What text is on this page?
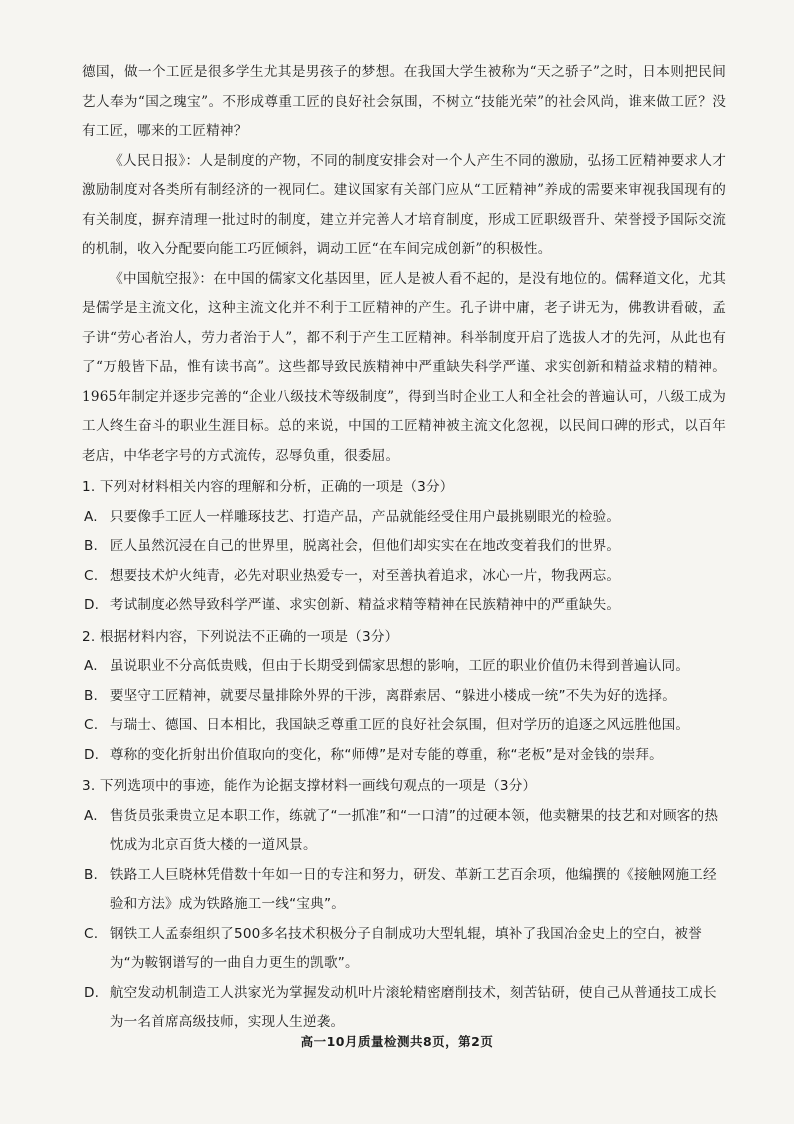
德国，做一个工匠是很多学生尤其是男孩子的梦想。在我国大学生被称为“天之骄子”之时，日本则把民间艺人奉为“国之瑰宝”。不形成尊重工匠的良好社会氛围，不树立“技能光荣”的社会风尚，谁来做工匠？没有工匠，哪来的工匠精神？

《人民日报》：人是制度的产物，不同的制度安排会对一个人产生不同的激励，弘扬工匠精神要求人才激励制度对各类所有制经济的一视同仁。建议国家有关部门应从“工匠精神”养成的需要来审视我国现有的有关制度，摒弃清理一批过时的制度，建立并完善人才培育制度，形成工匠职级晋升、荣誉授予国际交流的机制，收入分配要向能工巧匠倾斜，调动工匠“在车间完成创新”的积极性。

《中国航空报》：在中国的儒家文化基因里，匠人是被人看不起的，是没有地位的。儒释道文化，尤其是儒学是主流文化，这种主流文化并不利于工匠精神的产生。孔子讲中庸，老子讲无为，佛教讲看破，孟子讲“劳心者治人，劳力者治于人”，都不利于产生工匠精神。科举制度开启了选拔人才的先河，从此也有了“万般皆下品，惟有读书高”。这些都导致民族精神中严重缺失科学严谨、求实创新和精益求精的精神。1965年制定并逐步完善的“企业八级技术等级制度”，得到当时企业工人和全社会的普遍认可，八级工成为工人终生奋斗的职业生涯目标。总的来说，中国的工匠精神被主流文化忽视，以民间口碑的形式，以百年老店，中华老字号的方式流传，忍辱负重，很委屈。

1. 下列对材料相关内容的理解和分析，正确的一项是（3分）

A. 只要像手工匠人一样雕琢技艺、打造产品，产品就能经受住用户最挑剔眼光的检验。

B. 匠人虽然沉浸在自己的世界里，脱离社会，但他们却实实在在地改变着我们的世界。

C. 想要技术炉火纯青，必先对职业热爱专一，对至善执着追求，冰心一片，物我两忘。

D. 考试制度必然导致科学严谨、求实创新、精益求精等精神在民族精神中的严重缺失。

2. 根据材料内容，下列说法不正确的一项是（3分）

A. 虽说职业不分高低贵贱，但由于长期受到儒家思想的影响，工匠的职业价值仍未得到普遍认同。

B. 要坚守工匠精神，就要尽量排除外界的干涉，离群索居、“躲进小楼成一统”不失为好的选择。

C. 与瑞士、德国、日本相比，我国缺乏尊重工匠的良好社会氛围，但对学历的追逐之风远胜他国。

D. 尊称的变化折射出价值取向的变化，称“师傅”是对专能的尊重，称“老板”是对金钱的崇拜。

3. 下列选项中的事迹，能作为论据支撑材料一画线句观点的一项是（3分）

A. 售货员张秉贵立足本职工作，练就了“一抓准”和“一口清”的过硬本领，他卖糖果的技艺和对顾客的热忱成为北京百货大楼的一道风景。

B. 铁路工人巨晓林凭借数十年如一日的专注和努力，研发、革新工艺百余项，他编撰的《接触网施工经验和方法》成为铁路施工一线“宝典”。

C. 钢铁工人孟泰组织了500多名技术积极分子自制成功大型轧辊，填补了我国冶金史上的空白，被誉为“为鞍钢谱写的一曲自力更生的凯歌”。

D. 航空发动机制造工人洪家光为掌握发动机叶片滚轮精密磨削技术，刻苦钻研，使自己从普通技工成长为一名首席高级技师，实现人生逆袭。

高一10月质量检测共8页，第2页
